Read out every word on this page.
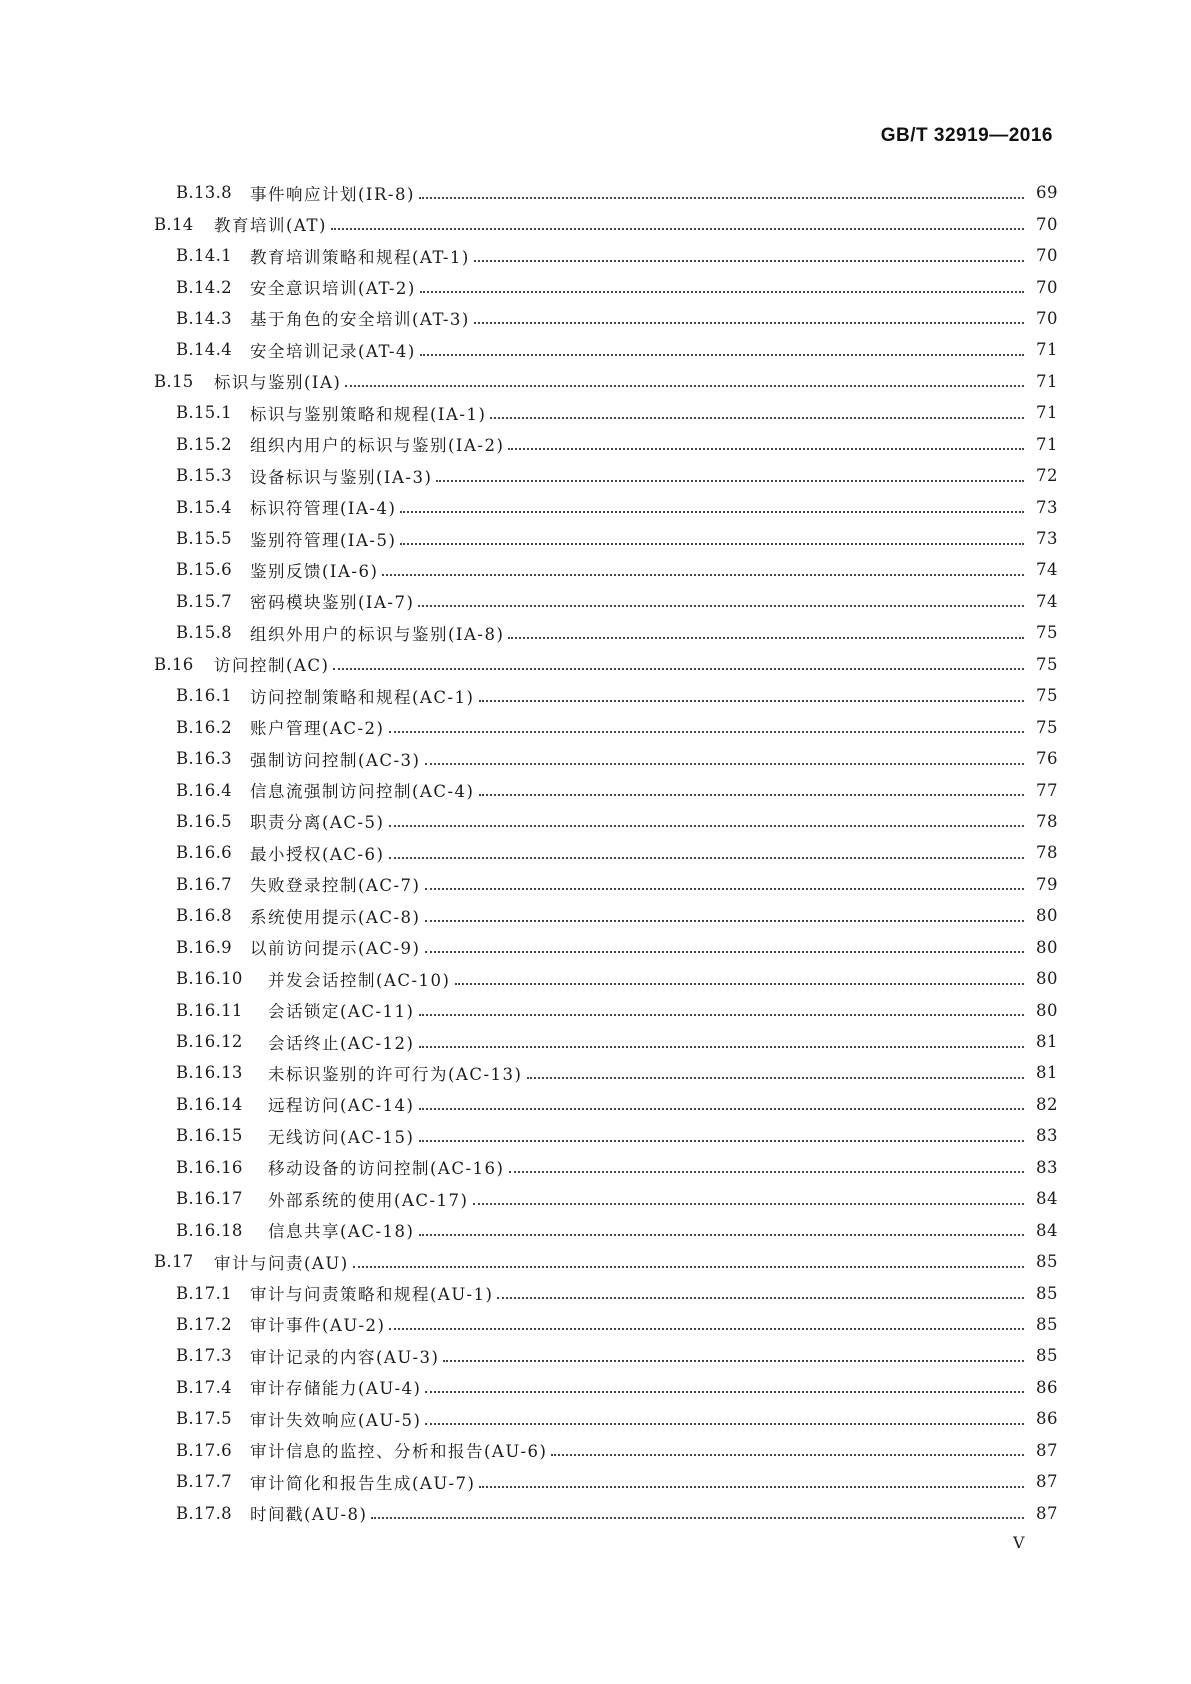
GB/T 32919—2016
B.13.8	事件响应计划(IR-8)	69
B.14	教育培训(AT)	70
B.14.1	教育培训策略和规程(AT-1)	70
B.14.2	安全意识培训(AT-2)	70
B.14.3	基于角色的安全培训(AT-3)	70
B.14.4	安全培训记录(AT-4)	71
B.15	标识与鉴别(IA)	71
B.15.1	标识与鉴别策略和规程(IA-1)	71
B.15.2	组织内用户的标识与鉴别(IA-2)	71
B.15.3	设备标识与鉴别(IA-3)	72
B.15.4	标识符管理(IA-4)	73
B.15.5	鉴别符管理(IA-5)	73
B.15.6	鉴别反馈(IA-6)	74
B.15.7	密码模块鉴别(IA-7)	74
B.15.8	组织外用户的标识与鉴别(IA-8)	75
B.16	访问控制(AC)	75
B.16.1	访问控制策略和规程(AC-1)	75
B.16.2	账户管理(AC-2)	75
B.16.3	强制访问控制(AC-3)	76
B.16.4	信息流强制访问控制(AC-4)	77
B.16.5	职责分离(AC-5)	78
B.16.6	最小授权(AC-6)	78
B.16.7	失败登录控制(AC-7)	79
B.16.8	系统使用提示(AC-8)	80
B.16.9	以前访问提示(AC-9)	80
B.16.10	并发会话控制(AC-10)	80
B.16.11	会话锁定(AC-11)	80
B.16.12	会话终止(AC-12)	81
B.16.13	未标识鉴别的许可行为(AC-13)	81
B.16.14	远程访问(AC-14)	82
B.16.15	无线访问(AC-15)	83
B.16.16	移动设备的访问控制(AC-16)	83
B.16.17	外部系统的使用(AC-17)	84
B.16.18	信息共享(AC-18)	84
B.17	审计与问责(AU)	85
B.17.1	审计与问责策略和规程(AU-1)	85
B.17.2	审计事件(AU-2)	85
B.17.3	审计记录的内容(AU-3)	85
B.17.4	审计存储能力(AU-4)	86
B.17.5	审计失效响应(AU-5)	86
B.17.6	审计信息的监控、分析和报告(AU-6)	87
B.17.7	审计简化和报告生成(AU-7)	87
B.17.8	时间戳(AU-8)	87
V
